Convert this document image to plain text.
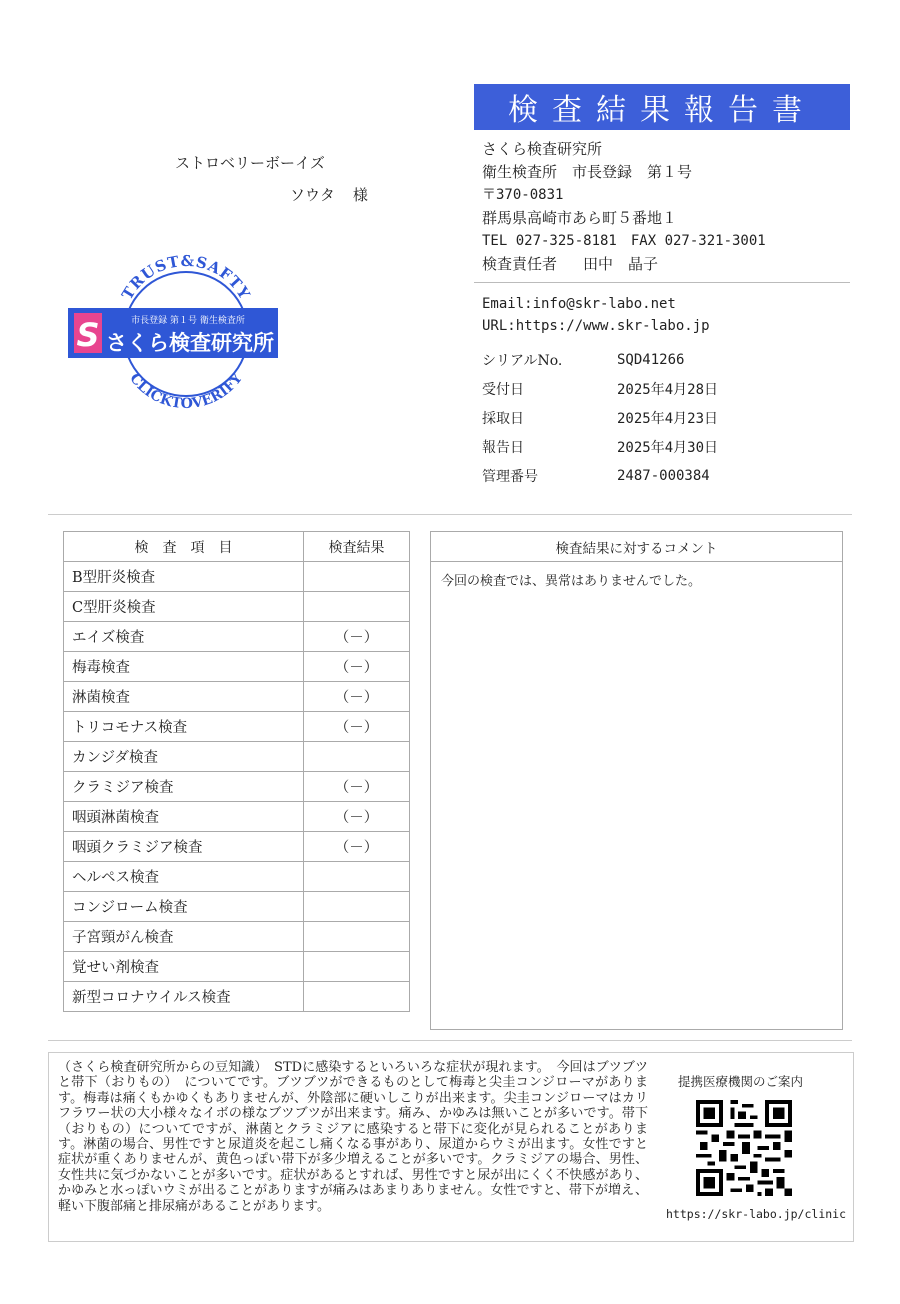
検査結果報告書
ストロベリーボーイズ
ソウタ 様
TRUST&SAFTY
CLICKTOVERIFY
S	市長登録 第１号 衛生検査所
さくら検査研究所
さくら検査研究所
衛生検査所　市長登録　第１号
〒370-0831
群馬県高崎市あら町５番地１
TEL 027-325-8181　FAX 027-321-3001
検査責任者 田中　晶子
Email:info@skr-labo.net
URL:https://www.skr-labo.jp
シリアルNo.	SQD41266
受付日	2025年4月28日
採取日	2025年4月23日
報告日	2025年4月30日
管理番号	2487-000384
検　査　項　目	検査結果
B型肝炎検査	
C型肝炎検査	
エイズ検査	（－）
梅毒検査	（－）
淋菌検査	（－）
トリコモナス検査	（－）
カンジダ検査	
クラミジア検査	（－）
咽頭淋菌検査	（－）
咽頭クラミジア検査	（－）
ヘルペス検査	
コンジローム検査	
子宮頸がん検査	
覚せい剤検査	
新型コロナウイルス検査	
検査結果に対するコメント
今回の検査では、異常はありませんでした。
（さくら検査研究所からの豆知識）　STDに感染するといろいろな症状が現れます。　今回はブツブツと帯下（おりもの）　についてです。ブツブツができるものとして梅毒と尖圭コンジローマがあります。梅毒は痛くもかゆくもありませんが、外陰部に硬いしこりが出来ます。尖圭コンジローマはカリフラワー状の大小様々なイボの様なブツブツが出来ます。痛み、かゆみは無いことが多いです。帯下（おりもの）についてですが、淋菌とクラミジアに感染すると帯下に変化が見られることがあります。淋菌の場合、男性ですと尿道炎を起こし痛くなる事があり、尿道からウミが出ます。女性ですと症状が重くありませんが、黄色っぽい帯下が多少増えることが多いです。クラミジアの場合、男性、女性共に気づかないことが多いです。症状があるとすれば、男性ですと尿が出にくく不快感があり、かゆみと水っぽいウミが出ることがありますが痛みはあまりありません。女性ですと、帯下が増え、軽い下腹部痛と排尿痛があることがあります。
提携医療機関のご案内
https://skr-labo.jp/clinic
